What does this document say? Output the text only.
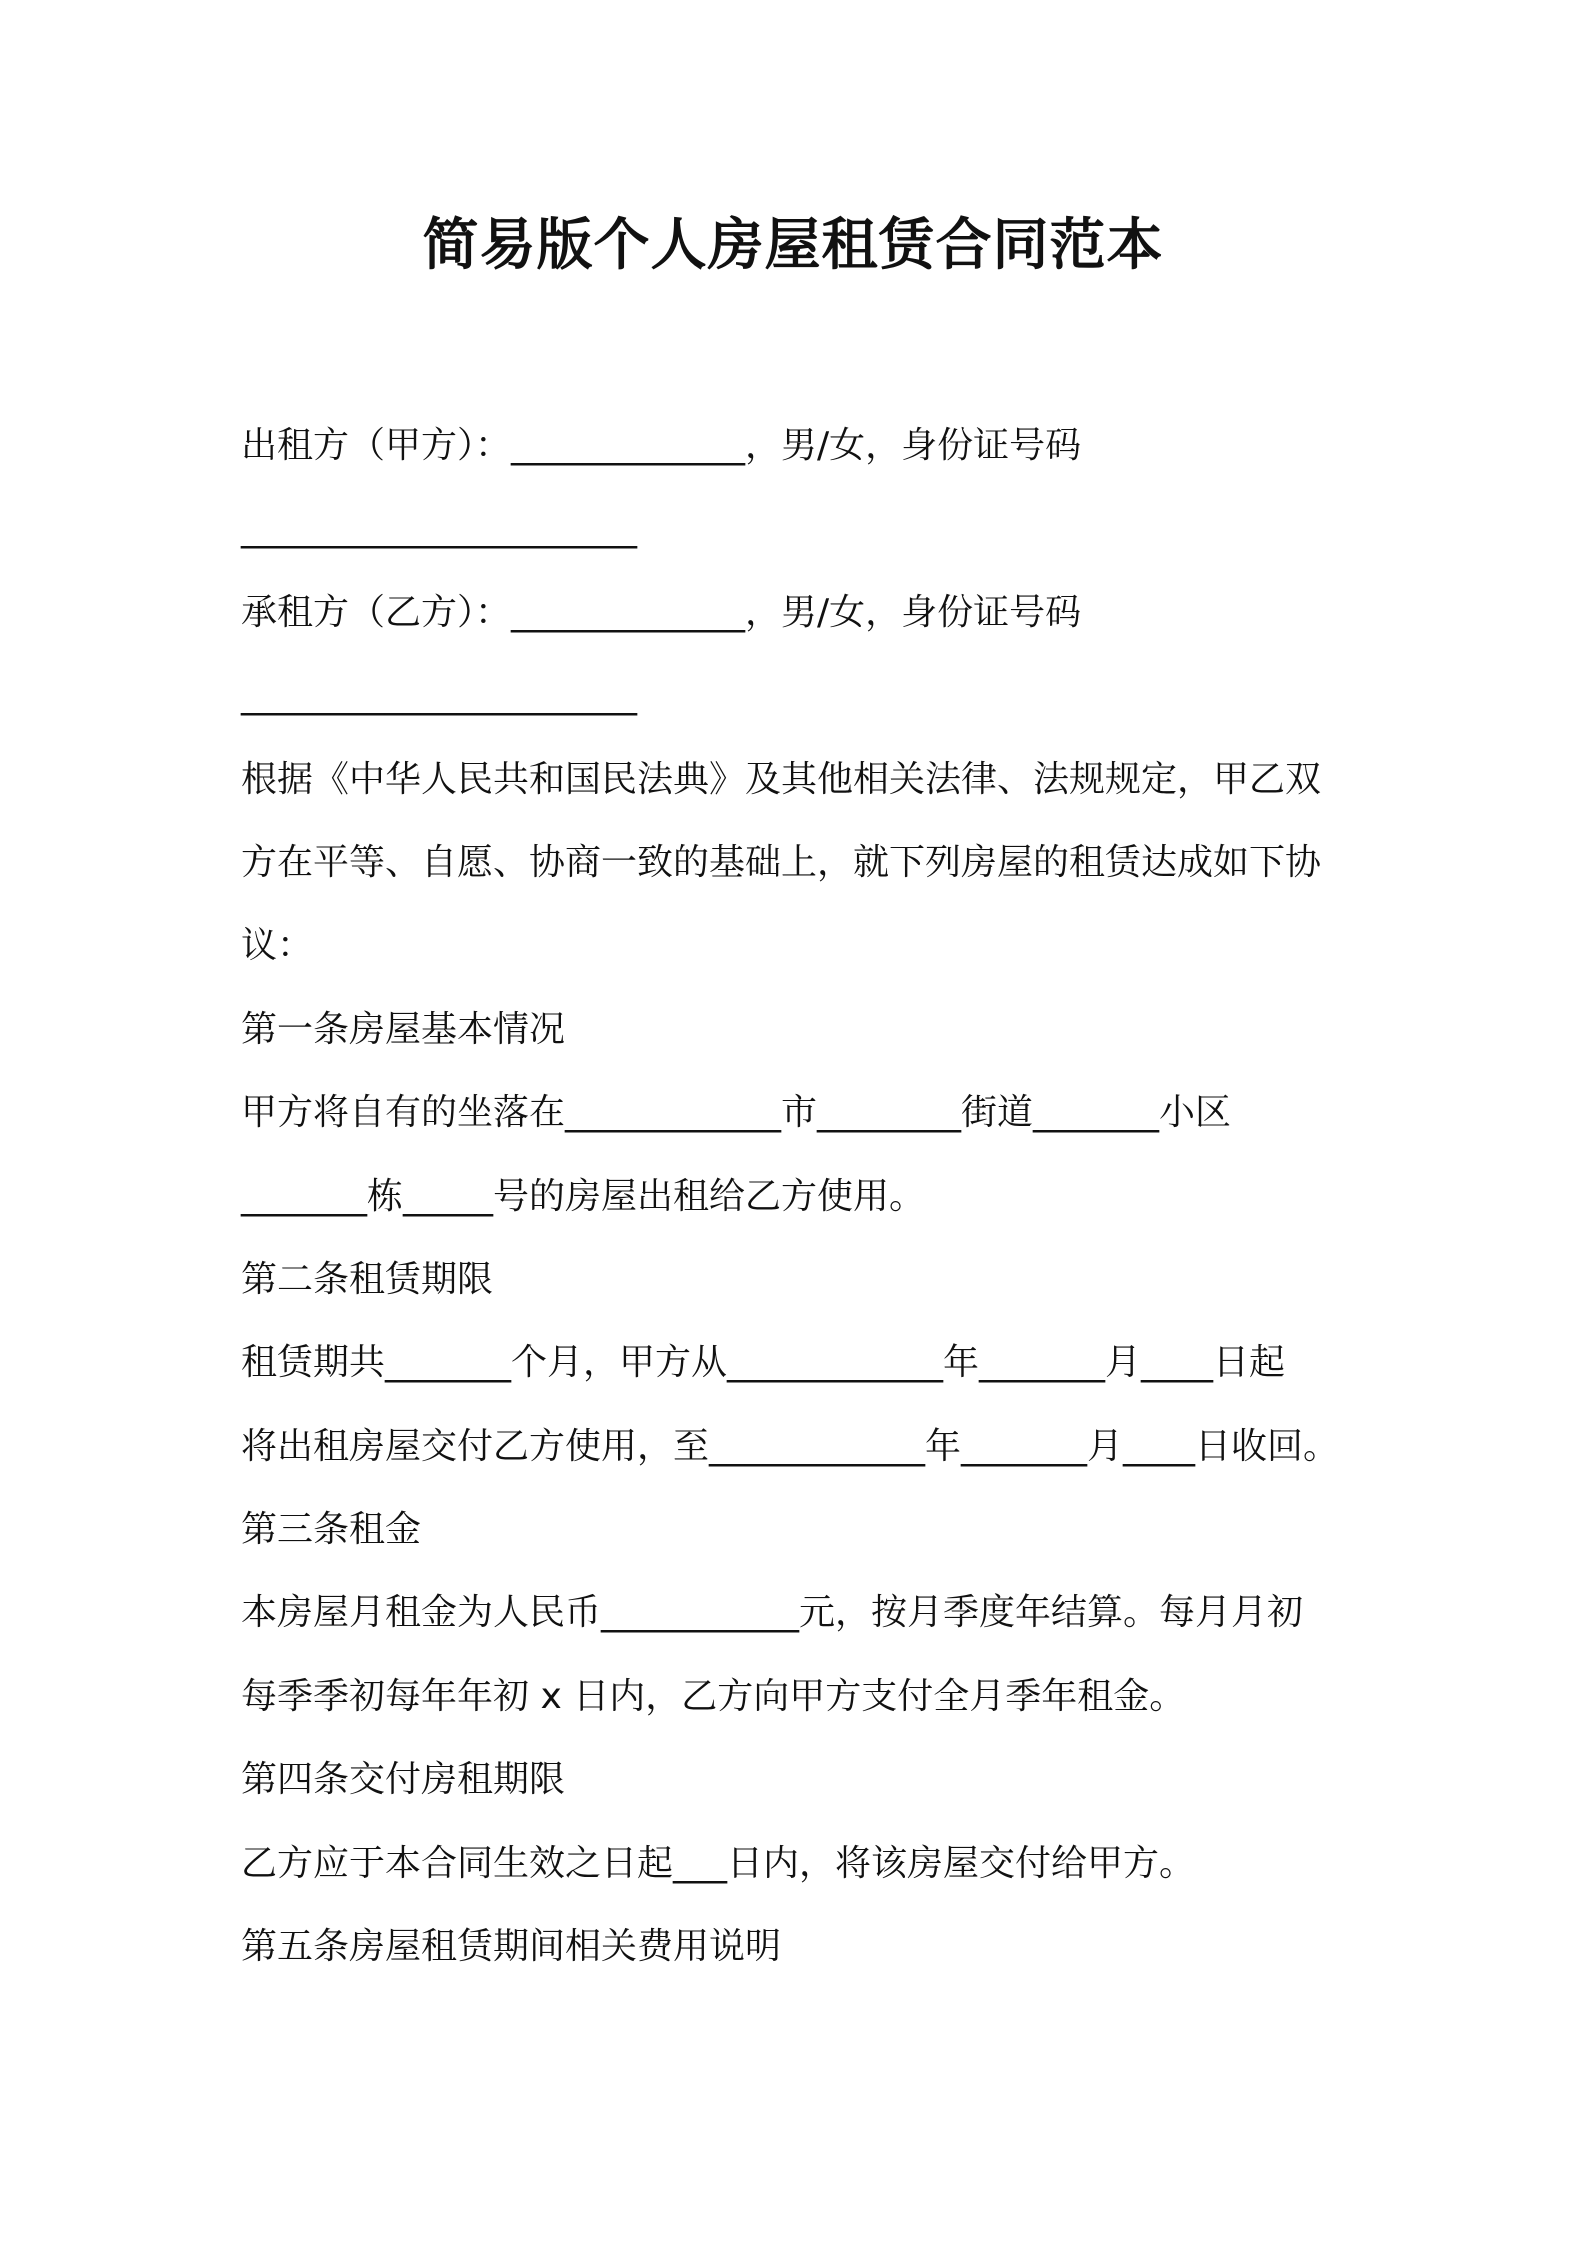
简易版个人房屋租赁合同范本
出租方（甲方）：_____________，男/女，身份证号码
______________________
承租方（乙方）：_____________，男/女，身份证号码
______________________
根据《中华人民共和国民法典》及其他相关法律、法规规定，甲乙双
方在平等、自愿、协商一致的基础上，就下列房屋的租赁达成如下协
议：
第一条房屋基本情况
甲方将自有的坐落在____________市________街道_______小区
_______栋_____号的房屋出租给乙方使用。
第二条租赁期限
租赁期共_______个月，甲方从____________年_______月____日起
将出租房屋交付乙方使用，至____________年_______月____日收回。
第三条租金
本房屋月租金为人民币___________元，按月季度年结算。每月月初
每季季初每年年初 x 日内，乙方向甲方支付全月季年租金。
第四条交付房租期限
乙方应于本合同生效之日起___日内，将该房屋交付给甲方。
第五条房屋租赁期间相关费用说明
